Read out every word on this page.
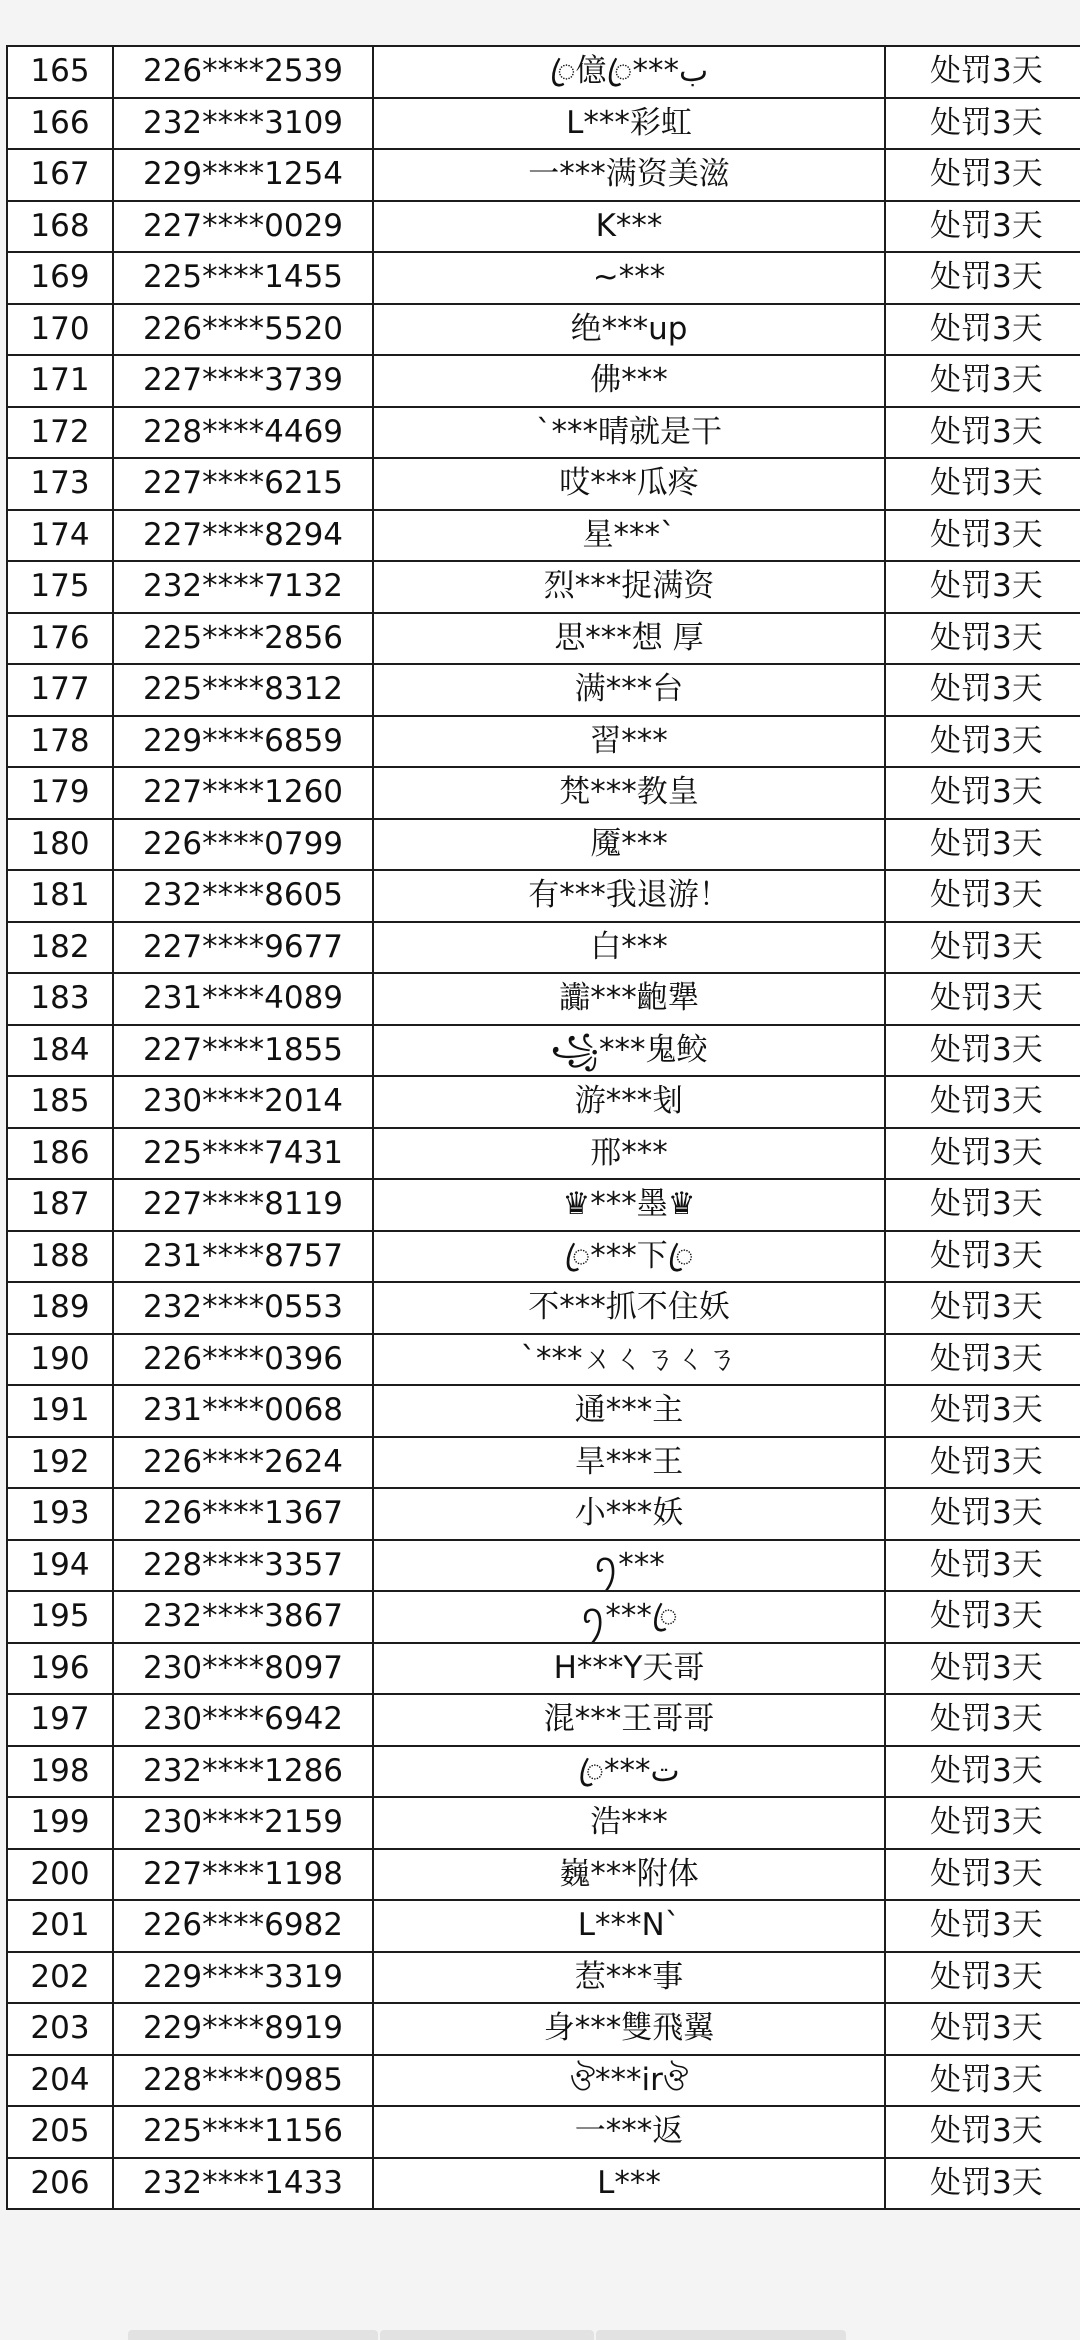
165	226****2539	ꦿ億ꦿ***ب	处罚3天
166	232****3109	L***彩虹	处罚3天
167	229****1254	一***满资美滋	处罚3天
168	227****0029	K***	处罚3天
169	225****1455	~***	处罚3天
170	226****5520	绝***up	处罚3天
171	227****3739	佛***	处罚3天
172	228****4469	`***晴就是干	处罚3天
173	227****6215	哎***瓜疼	处罚3天
174	227****8294	星***`	处罚3天
175	232****7132	烈***捉满资	处罚3天
176	225****2856	思***想 厚	处罚3天
177	225****8312	满***台	处罚3天
178	229****6859	習***	处罚3天
179	227****1260	梵***教皇	处罚3天
180	226****0799	魇***	处罚3天
181	232****8605	有***我退游！	处罚3天
182	227****9677	白***	处罚3天
183	231****4089	讟***齙犟	处罚3天
184	227****1855	꧁***鬼鲛	处罚3天
185	230****2014	游***刬	处罚3天
186	225****7431	邢***	处罚3天
187	227****8119	♛***墨♛	处罚3天
188	231****8757	ꦿ***下ꦿ	处罚3天
189	232****0553	不***抓不住妖	处罚3天
190	226****0396	ˋ***ㄨㄑㄋㄑㄋ	处罚3天
191	231****0068	通***主	处罚3天
192	226****2624	旱***王	处罚3天
193	226****1367	小***妖	处罚3天
194	228****3357	ꪆ***	处罚3天
195	232****3867	ꪆ***ꦿ	处罚3天
196	230****8097	H***Y天哥	处罚3天
197	230****6942	混***王哥哥	处罚3天
198	232****1286	ꦿ***ت	处罚3天
199	230****2159	浩***	处罚3天
200	227****1198	巍***附体	处罚3天
201	226****6982	L***N`	处罚3天
202	229****3319	惹***事	处罚3天
203	229****8919	身***雙飛翼	处罚3天
204	228****0985	ঔ***irঔ	处罚3天
205	225****1156	一***返	处罚3天
206	232****1433	L***	处罚3天
